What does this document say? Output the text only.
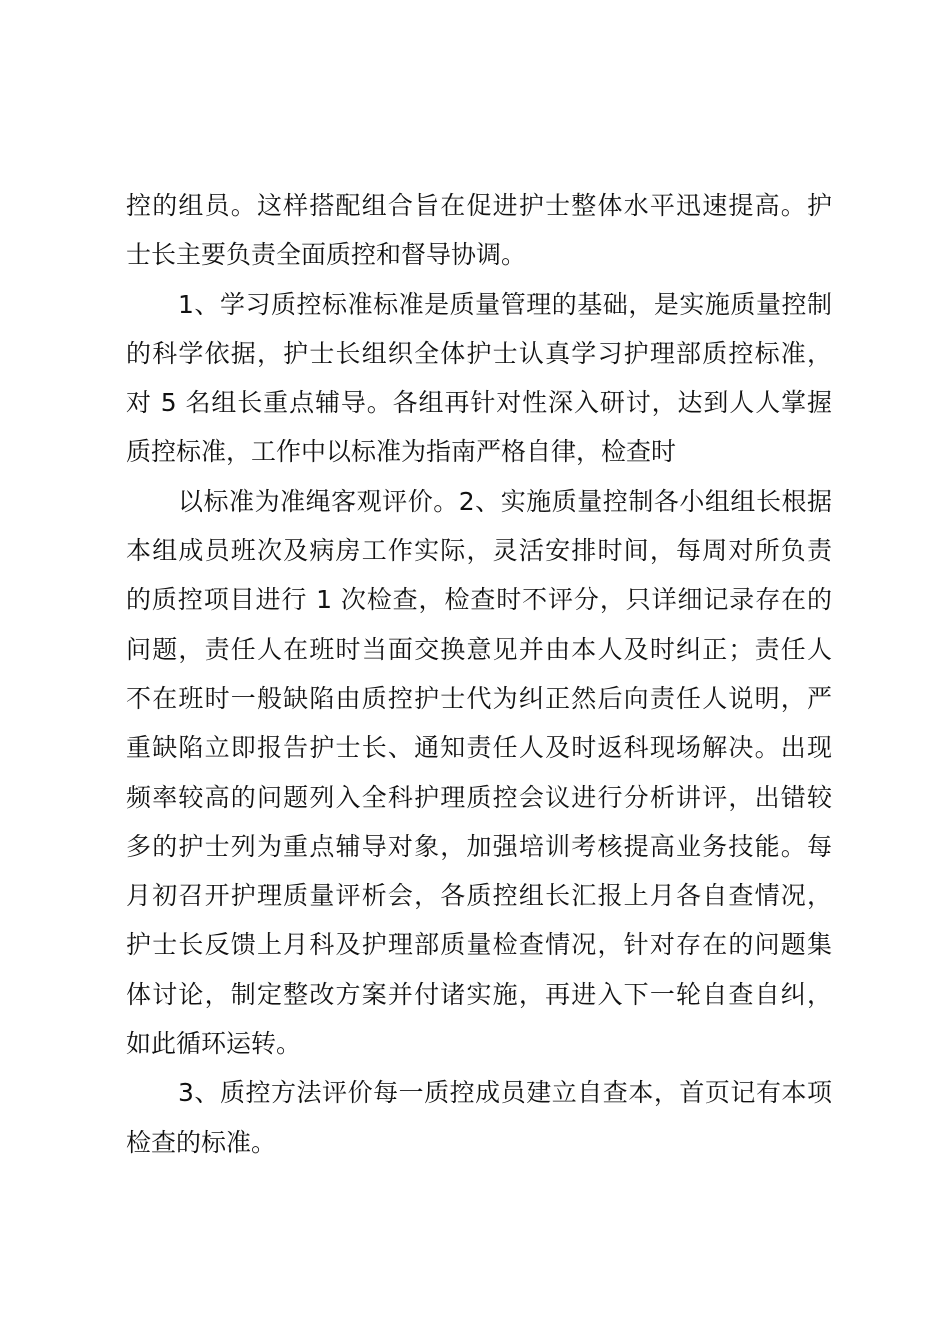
控的组员。这样搭配组合旨在促进护士整体水平迅速提高。护
士长主要负责全面质控和督导协调。
1、学习质控标准标准是质量管理的基础，是实施质量控制
的科学依据，护士长组织全体护士认真学习护理部质控标准，
对 5 名组长重点辅导。各组再针对性深入研讨，达到人人掌握
质控标准，工作中以标准为指南严格自律，检查时
以标准为准绳客观评价。2、实施质量控制各小组组长根据
本组成员班次及病房工作实际，灵活安排时间，每周对所负责
的质控项目进行 1 次检查，检查时不评分，只详细记录存在的
问题，责任人在班时当面交换意见并由本人及时纠正；责任人
不在班时一般缺陷由质控护士代为纠正然后向责任人说明，严
重缺陷立即报告护士长、通知责任人及时返科现场解决。出现
频率较高的问题列入全科护理质控会议进行分析讲评，出错较
多的护士列为重点辅导对象，加强培训考核提高业务技能。每
月初召开护理质量评析会，各质控组长汇报上月各自查情况，
护士长反馈上月科及护理部质量检查情况，针对存在的问题集
体讨论，制定整改方案并付诸实施，再进入下一轮自查自纠，
如此循环运转。
3、质控方法评价每一质控成员建立自查本，首页记有本项
检查的标准。
